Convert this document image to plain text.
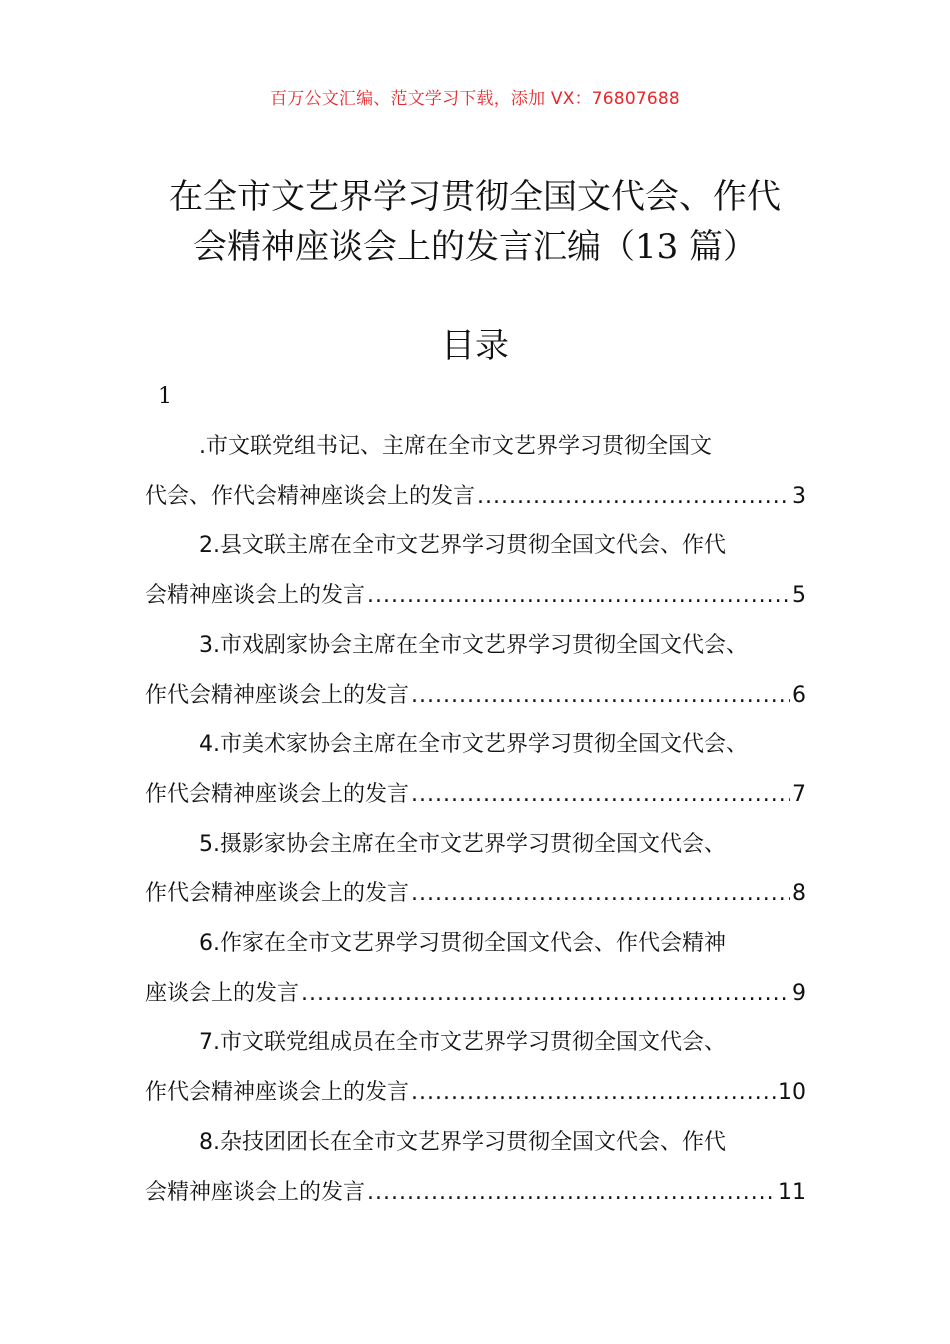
百万公文汇编、范文学习下载，添加 VX：76807688
在全市文艺界学习贯彻全国文代会、作代
会精神座谈会上的发言汇编（13 篇）
目录
1
.市文联党组书记、主席在全市文艺界学习贯彻全国文
代会、作代会精神座谈会上的发言 .....	3
2.县文联主席在全市文艺界学习贯彻全国文代会、作代
会精神座谈会上的发言 .....	5
3.市戏剧家协会主席在全市文艺界学习贯彻全国文代会、
作代会精神座谈会上的发言 .....	6
4.市美术家协会主席在全市文艺界学习贯彻全国文代会、
作代会精神座谈会上的发言 .....	7
5.摄影家协会主席在全市文艺界学习贯彻全国文代会、
作代会精神座谈会上的发言 .....	8
6.作家在全市文艺界学习贯彻全国文代会、作代会精神
座谈会上的发言 .....	9
7.市文联党组成员在全市文艺界学习贯彻全国文代会、
作代会精神座谈会上的发言 .....	10
8.杂技团团长在全市文艺界学习贯彻全国文代会、作代
会精神座谈会上的发言 .....	11
